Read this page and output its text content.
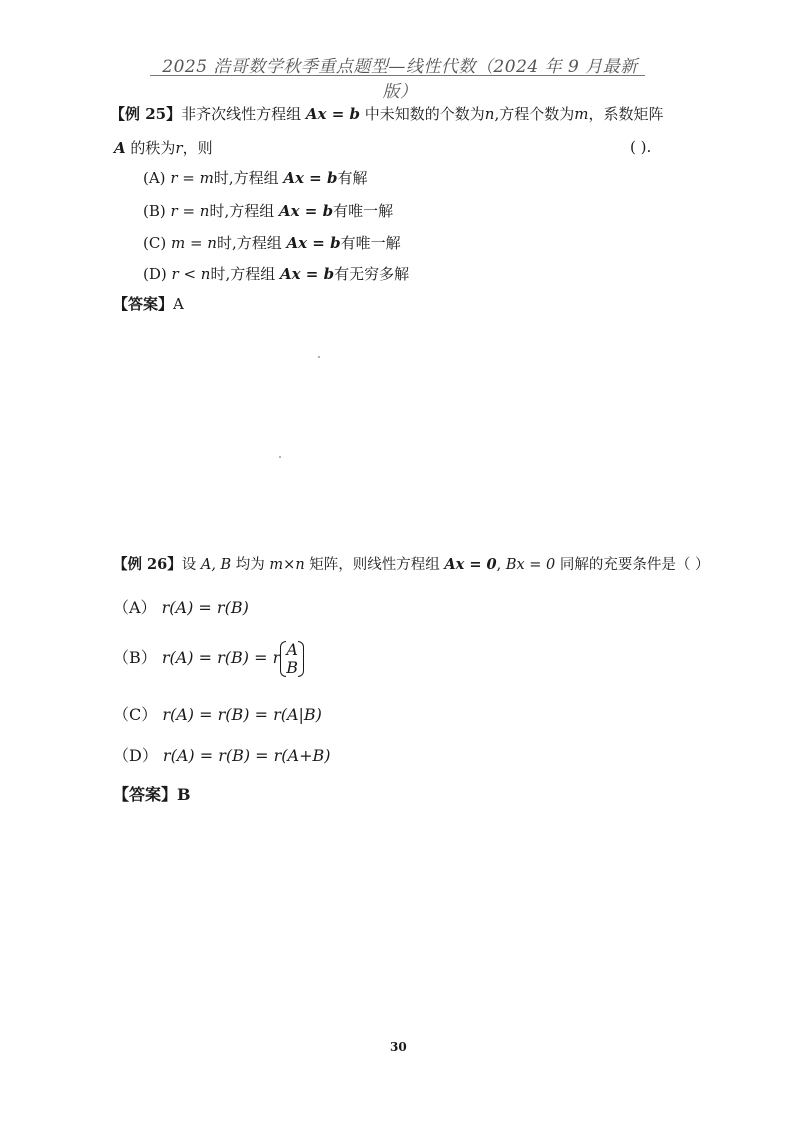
2025 浩哥数学秋季重点题型—线性代数（2024 年 9 月最新版）
【例 25】非齐次线性方程组 Ax = b 中未知数的个数为n,方程个数为m，系数矩阵
A 的秩为r，则	( ).
(A) r = m时,方程组 Ax = b有解
(B) r = n时,方程组 Ax = b有唯一解
(C) m = n时,方程组 Ax = b有唯一解
(D) r < n时,方程组 Ax = b有无穷多解
【答案】A
【例 26】设 A, B 均为 m×n 矩阵，则线性方程组 Ax = 0, Bx = 0 同解的充要条件是（ ）
（A） r(A) = r(B)
（B） r(A) = r(B) = r A
B
（C） r(A) = r(B) = r(A|B)
（D） r(A) = r(B) = r(A+B)
【答案】B
30
